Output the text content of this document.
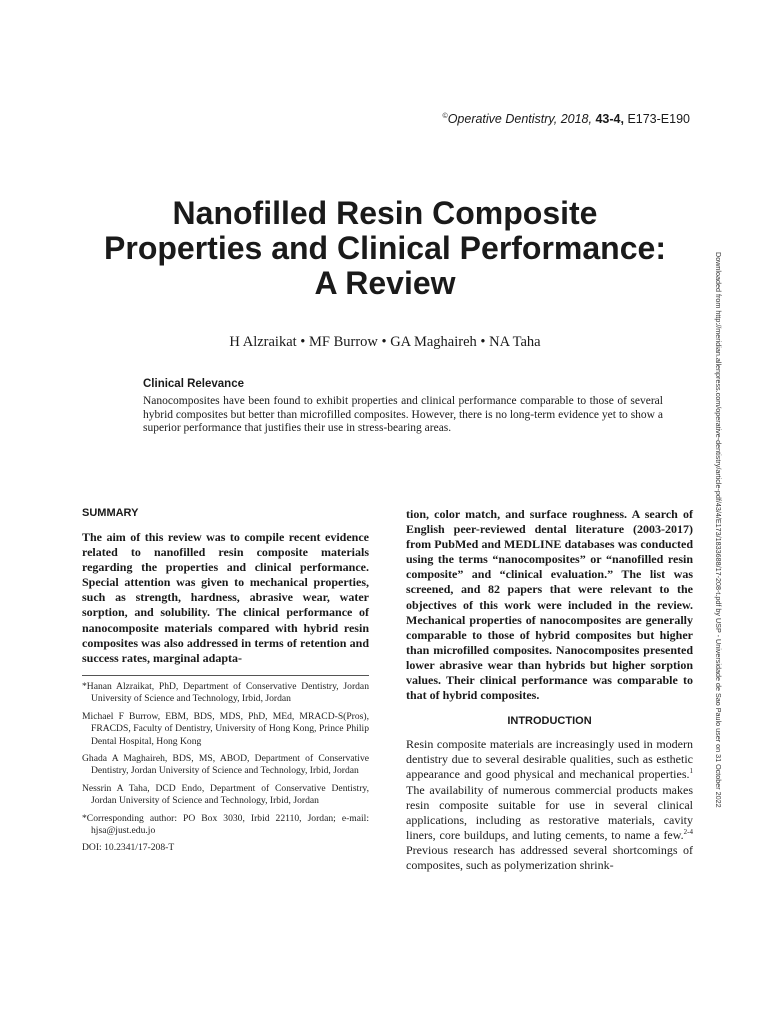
©Operative Dentistry, 2018, 43-4, E173-E190
Nanofilled Resin Composite Properties and Clinical Performance: A Review
H Alzraikat • MF Burrow • GA Maghaireh • NA Taha
Clinical Relevance
Nanocomposites have been found to exhibit properties and clinical performance comparable to those of several hybrid composites but better than microfilled composites. However, there is no long-term evidence yet to show a superior performance that justifies their use in stress-bearing areas.	Downloaded from http://meridian.allenpress.com/operative-dentistry/article-pdf/43/4/E173/1833688/17-208-t.pdf by USP - Universidade de Sao Paulo user on 31 October 2022
SUMMARY

The aim of this review was to compile recent evidence related to nanofilled resin composite materials regarding the properties and clinical performance. Special attention was given to mechanical properties, such as strength, hardness, abrasive wear, water sorption, and solubility. The clinical performance of nanocomposite materials compared with hybrid resin composites was also addressed in terms of retention and success rates, marginal adapta-

*Hanan Alzraikat, PhD, Department of Conservative Dentistry, Jordan University of Science and Technology, Irbid, Jordan

Michael F Burrow, EBM, BDS, MDS, PhD, MEd, MRACD-S(Pros), FRACDS, Faculty of Dentistry, University of Hong Kong, Prince Philip Dental Hospital, Hong Kong

Ghada A Maghaireh, BDS, MS, ABOD, Department of Conservative Dentistry, Jordan University of Science and Technology, Irbid, Jordan

Nessrin A Taha, DCD Endo, Department of Conservative Dentistry, Jordan University of Science and Technology, Irbid, Jordan

*Corresponding author: PO Box 3030, Irbid 22110, Jordan; e-mail: hjsa@just.edu.jo

DOI: 10.2341/17-208-T

tion, color match, and surface roughness. A search of English peer-reviewed dental literature (2003-2017) from PubMed and MEDLINE databases was conducted using the terms “nanocomposites” or “nanofilled resin composite” and “clinical evaluation.” The list was screened, and 82 papers that were relevant to the objectives of this work were included in the review. Mechanical properties of nanocomposites are generally comparable to those of hybrid composites but higher than microfilled composites. Nanocomposites presented lower abrasive wear than hybrids but higher sorption values. Their clinical performance was comparable to that of hybrid composites.

INTRODUCTION

Resin composite materials are increasingly used in modern dentistry due to several desirable qualities, such as esthetic appearance and good physical and mechanical properties.$^1$ The availability of numerous commercial products makes resin composite suitable for use in several clinical applications, including as restorative materials, cavity liners, core buildups, and luting cements, to name a few.$^{2-4}$ Previous research has addressed several shortcomings of composites, such as polymerization shrink-
